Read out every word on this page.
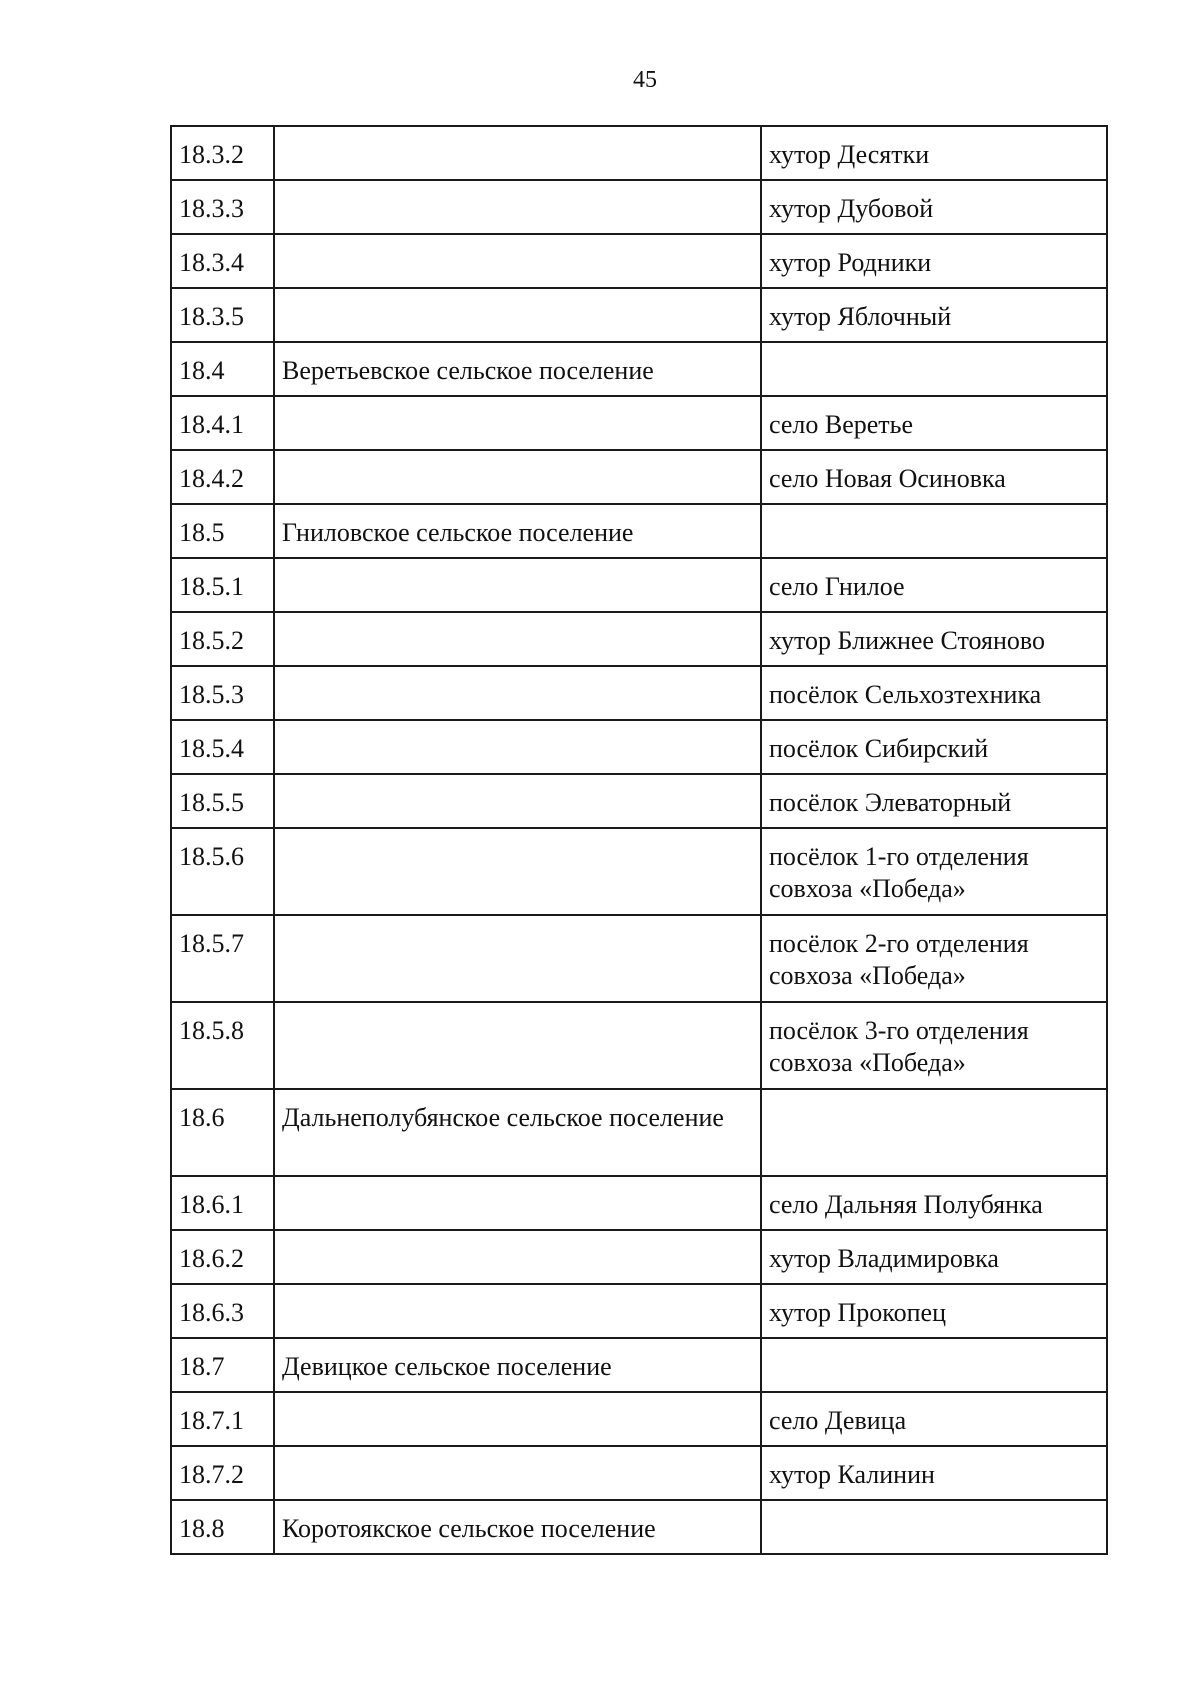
45
18.3.2		хутор Десятки
18.3.3		хутор Дубовой
18.3.4		хутор Родники
18.3.5		хутор Яблочный
18.4	Веретьевское сельское поселение	
18.4.1		село Веретье
18.4.2		село Новая Осиновка
18.5	Гниловское сельское поселение	
18.5.1		село Гнилое
18.5.2		хутор Ближнее Стояново
18.5.3		посёлок Сельхозтехника
18.5.4		посёлок Сибирский
18.5.5		посёлок Элеваторный
18.5.6		посёлок 1-го отделения совхоза «Победа»
18.5.7		посёлок 2-го отделения совхоза «Победа»
18.5.8		посёлок 3-го отделения совхоза «Победа»
18.6	Дальнеполубянское сельское поселение	
18.6.1		село Дальняя Полубянка
18.6.2		хутор Владимировка
18.6.3		хутор Прокопец
18.7	Девицкое сельское поселение	
18.7.1		село Девица
18.7.2		хутор Калинин
18.8	Коротоякское сельское поселение	
